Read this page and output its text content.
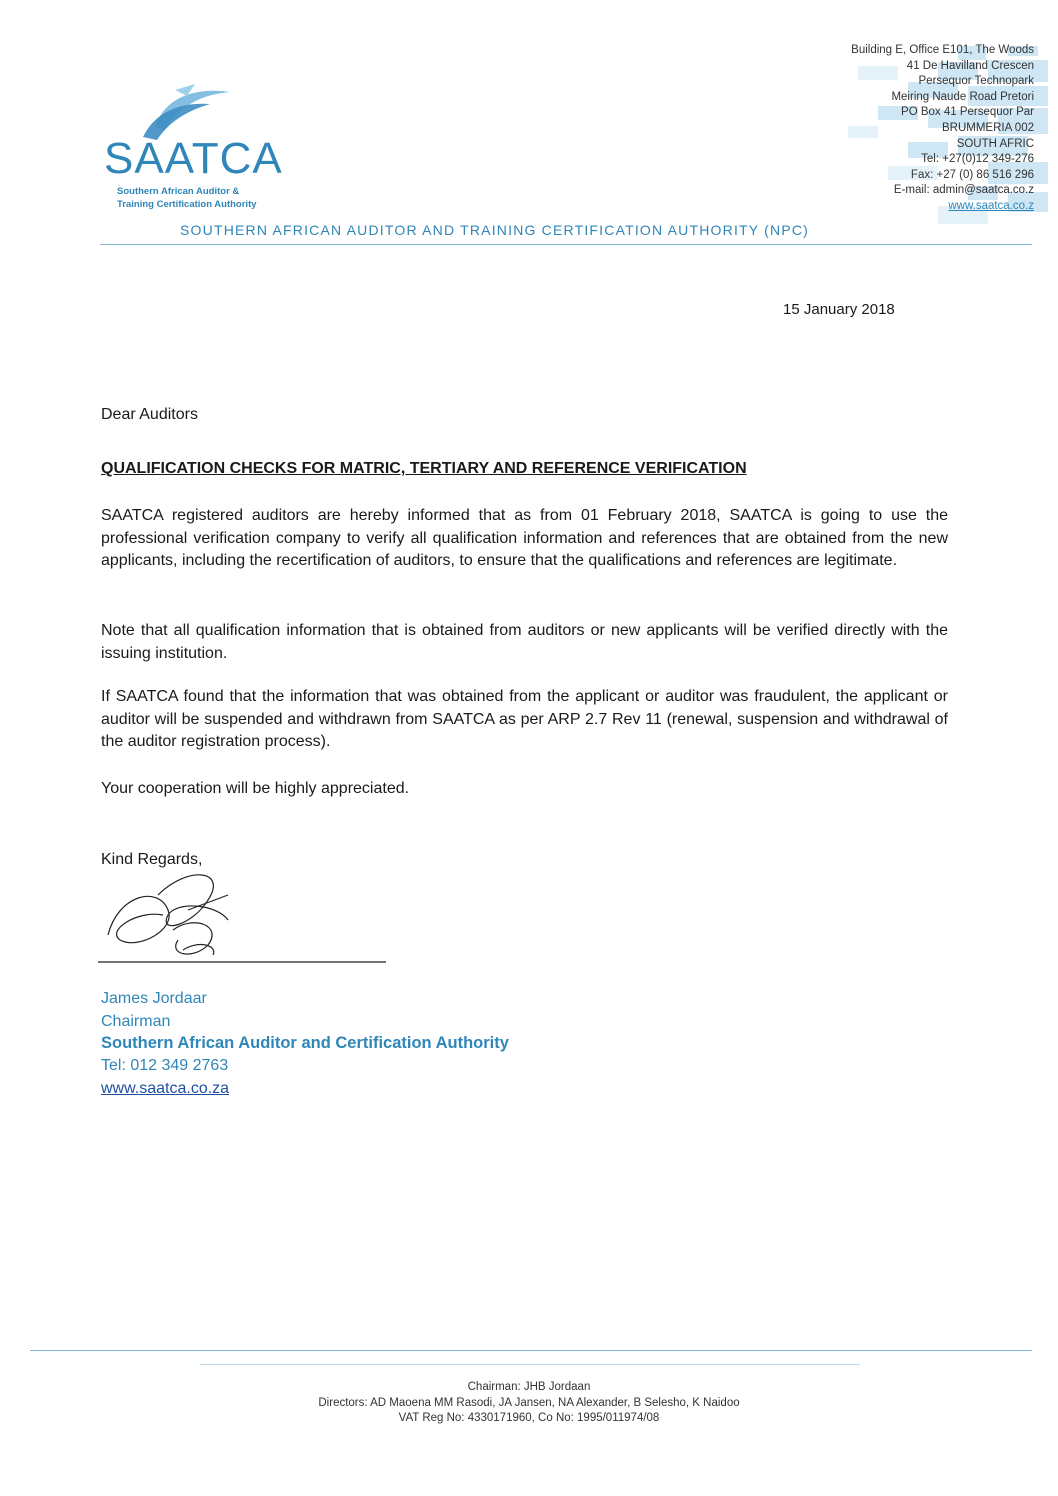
SAATCA
Southern African Auditor &
Training Certification Authority
Building E, Office E101, The Woods
41 De Havilland Crescen
Persequor Technopark
Meiring Naude Road Pretori
PO Box 41 Persequor Par
BRUMMERIA 002
SOUTH AFRIC
Tel: +27(0)12 349-276
Fax: +27 (0) 86 516 296
E-mail: admin@saatca.co.z
www.saatca.co.z
SOUTHERN AFRICAN AUDITOR AND TRAINING CERTIFICATION AUTHORITY (NPC)
15 January 2018
Dear Auditors
QUALIFICATION CHECKS FOR MATRIC, TERTIARY AND REFERENCE VERIFICATION
SAATCA registered auditors are hereby informed that as from 01 February 2018, SAATCA is going to use the professional verification company to verify all qualification information and references that are obtained from the new applicants, including the recertification of auditors, to ensure that the qualifications and references are legitimate.
Note that all qualification information that is obtained from auditors or new applicants will be verified directly with the issuing institution.
If SAATCA found that the information that was obtained from the applicant or auditor was fraudulent, the applicant or auditor will be suspended and withdrawn from SAATCA as per ARP 2.7 Rev 11 (renewal, suspension and withdrawal of the auditor registration process).
Your cooperation will be highly appreciated.
Kind Regards,
James Jordaar
Chairman
Southern African Auditor and Certification Authority
Tel: 012 349 2763
www.saatca.co.za
Chairman: JHB Jordaan
Directors: AD Maoena MM Rasodi, JA Jansen, NA Alexander, B Selesho, K Naidoo
VAT Reg No: 4330171960, Co No: 1995/011974/08
